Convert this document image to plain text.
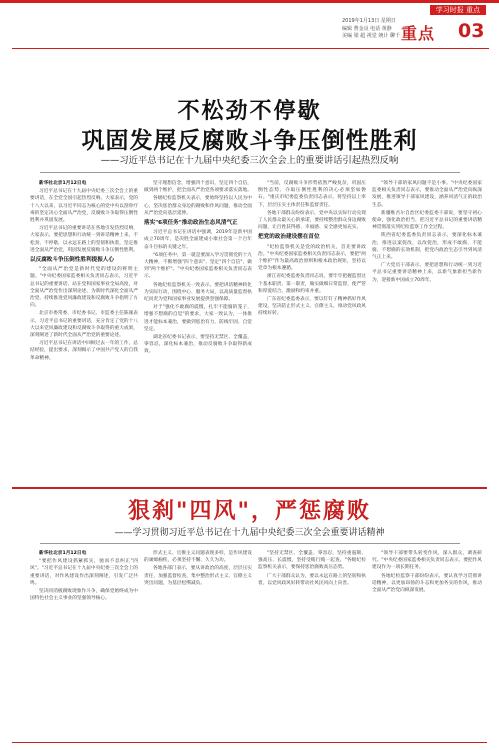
学习时报 重点
2019年1月13日 星期日
编辑 曹金良 电话 黄静
美编 梁 超 视觉 统计 聊千 重点 03
不松劲不停歇
巩固发展反腐败斗争压倒性胜利
——习近平总书记在十九届中央纪委三次全会上的重要讲话引起热烈反响

新华社北京1月12日电

习近平总书记在十九届中央纪委三次全会上的重要讲话，在全党全国引起热烈反响。大家表示，党的十八大以来，以习近平同志为核心的党中央以刮骨疗毒的坚定决心全面从严治党，反腐败斗争取得压倒性胜利并巩固发展。

习近平总书记的重要讲话在各地引发热烈反响，大家表示，要把思想和行动统一到讲话精神上来，不松劲、不停歇，以永远在路上的坚韧和执着，坚定推进全面从严治党，巩固发展反腐败斗争压倒性胜利。

以反腐败斗争压倒性胜利提振人心

"全面从严治党是新时代党的建设的鲜明主题。"中央纪委国家监委相关负责同志表示，习近平总书记的重要讲话，站在党和国家事业全局高度，对全面从严治党作出深刻论述，为新时代深化全面从严治党、持续推进党风廉政建设和反腐败斗争指明了方向。

北京市委常委、市纪委书记、市监委主任陈雍表示，习近平总书记的重要讲话，充分肯定了党的十八大以来党风廉政建设和反腐败斗争取得的重大成果，深刻阐述了新时代全面从严治党的重要论述。

习近平总书记在讲话中回顾过去一年的工作，总结经验，提出要求，深刻揭示了中国共产党人的自我革命精神。

坚守理想信念，增强四个意识，坚定四个自信，做到两个维护，把全面从严治党各项要求落实落地。

各级纪检监察机关表示，要始终坚持以人民为中心，坚决惩治群众身边的腐败和作风问题，推动全面从严治党向基层延伸。

落实"6项任务"推动政治生态风清气正

习近平总书记在讲话中强调，2019年是新中国成立70周年，是决胜全面建成小康社会第一个百年奋斗目标的关键之年。

"6项任务中，第一就是要深入学习贯彻党的十九大精神，不断增强"四个意识"、坚定"四个自信"、做到"两个维护"。"中央纪委国家监委相关负责同志表示。

各地纪检监察机关一致表示，要把讲话精神转化为实际行动，围绕中心、服务大局，以高质量监督执纪问责为党和国家事业发展提供坚强保障。

对于"强化不敢腐的震慑，扎牢不能腐的笼子，增强不想腐的自觉"的要求，大家一致认为，一体推进才能标本兼治，要做到惩治有力、防线牢固、自觉坚定。

湖北省纪委书记表示，要坚持无禁区、全覆盖、零容忍，深化标本兼治，推动反腐败斗争取得新成效。

"当前，反腐败斗争形势依然严峻复杂，巩固压倒性态势、夺取压倒性胜利的决心必须坚如磐石。"重庆市纪委监委负责同志表示，将坚持以上率下，层层压实主体责任和监督责任。

各地干部群众纷纷表示，党中央以实际行动兑现了人民群众最关心的承诺，要持续整治群众身边腐败问题，让百姓获得感、幸福感、安全感更加充实。

把党的政治建设摆在首位

"纪检监察机关是党的政治机关，首先要讲政治。"中央纪委国家监委相关负责同志表示，要把"两个维护"作为最高政治原则和根本政治规矩，坚持以党章为根本遵循。

浙江省纪委监委负责同志说，要牢牢把握监督这个基本职责、第一职责，做实做细日常监督，使严管和厚爱结合、激励和约束并重。

广东省纪委监委表示，要以钉钉子精神抓好作风建设，坚决防止形式主义、官僚主义，推动党风政风持续好转。

"领导干部的家风问题不是小事。"中央纪委国家监委相关负责同志表示，要推动全面从严治党向纵深发展，推进领导干部家风建设，涵养风清气正的政治生态。

新疆维吾尔自治区纪委监委干部说，要坚守初心使命，强化政治担当，把习近平总书记的重要讲话精神贯彻落实到纪检监察工作全过程。

陕西省纪委监委负责同志表示，要深化标本兼治，推进以案促改，以改促治，形成不敢腐、不能腐、不想腐的长效机制，把党内政治生态引导到风清气正上来。

广大党员干部表示，要把思想和行动统一到习近平总书记重要讲话精神上来，以新气象新担当新作为，迎接新中国成立70周年。

狠刹"四风"，严惩腐败
——学习贯彻习近平总书记在十九届中央纪委三次全会重要讲话精神

新华社北京1月12日电

"要把作风建设抓紧抓实，驰而不息纠正"四风"。"习近平总书记在十九届中央纪委三次全会上的重要讲话，对作风建设作出深刻阐述，引发广泛共鸣。

坚决同消极腐败现象作斗争，确保党始终成为中国特色社会主义事业的坚强领导核心。

形式主义、官僚主义问题表现多样，是作风建设的顽瘴痼疾，必须坚持不懈、久久为功。

各地各部门表示，要从讲政治的高度，层层压实责任，加强监督检查，集中整治形式主义、官僚主义突出问题，为基层松绑减负。

"坚持无禁区、全覆盖、零容忍，坚持重遏制、强高压、长震慑，坚持受贿行贿一起查。"各级纪检监察机关表示，要保持惩治腐败高压态势。

广大干部群众认为，要以永远在路上的坚韧和执着，以党风政风好转带动社风民风向上向善。

"领导干部要带头转变作风，深入群众，调查研究。"中央纪委国家监委相关负责同志表示，要把作风建设作为一项长期任务。

各地纪检监察干部纷纷表示，要认真学习贯彻讲话精神，以更加昂扬的斗志和更加务实的作风，推动全面从严治党向纵深发展。
